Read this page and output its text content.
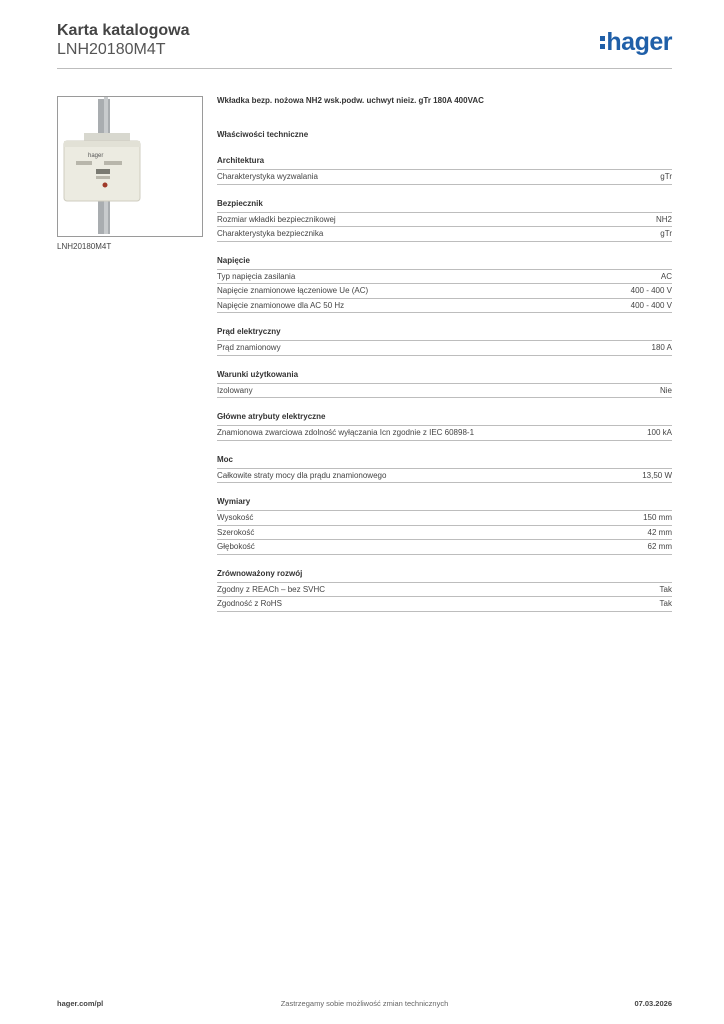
Karta katalogowa
LNH20180M4T	hager
hager
LNH20180M4T
Wkładka bezp. nożowa NH2 wsk.podw. uchwyt nieiz. gTr 180A 400VAC
Właściwości techniczne
Architektura
Charakterystyka wyzwalania	gTr
Bezpiecznik
Rozmiar wkładki bezpiecznikowej	NH2
Charakterystyka bezpiecznika	gTr
Napięcie
Typ napięcia zasilania	AC
Napięcie znamionowe łączeniowe Ue (AC)	400 - 400 V
Napięcie znamionowe dla AC 50 Hz	400 - 400 V
Prąd elektryczny
Prąd znamionowy	180 A
Warunki użytkowania
Izolowany	Nie
Główne atrybuty elektryczne
Znamionowa zwarciowa zdolność wyłączania Icn zgodnie z IEC 60898-1	100 kA
Moc
Całkowite straty mocy dla prądu znamionowego	13,50 W
Wymiary
Wysokość	150 mm
Szerokość	42 mm
Głębokość	62 mm
Zrównoważony rozwój
Zgodny z REACh – bez SVHC	Tak
Zgodność z RoHS	Tak
hager.com/pl	Zastrzegamy sobie możliwość zmian technicznych	07.03.2026
